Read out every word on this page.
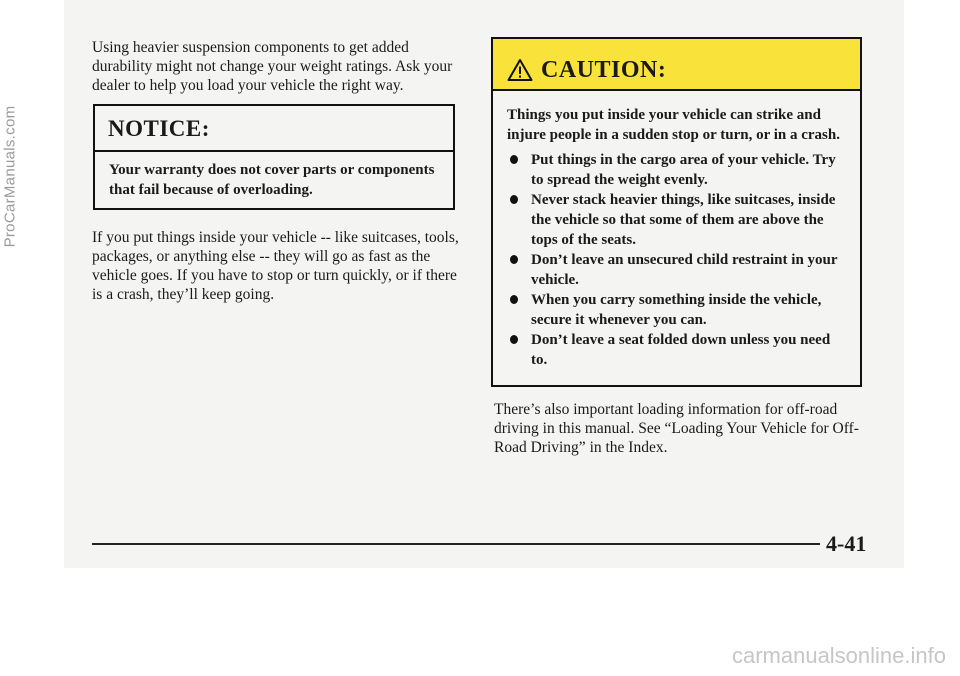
Using heavier suspension components to get added durability might not change your weight ratings. Ask your dealer to help you load your vehicle the right way.

NOTICE:
Your warranty does not cover parts or components that fail because of overloading.

If you put things inside your vehicle -- like suitcases, tools, packages, or anything else -- they will go as fast as the vehicle goes. If you have to stop or turn quickly, or if there is a crash, they’ll keep going.

CAUTION:
Things you put inside your vehicle can strike and injure people in a sudden stop or turn, or in a crash.
Put things in the cargo area of your vehicle. Try to spread the weight evenly.
Never stack heavier things, like suitcases, inside the vehicle so that some of them are above the tops of the seats.
Don’t leave an unsecured child restraint in your vehicle.
When you carry something inside the vehicle, secure it whenever you can.
Don’t leave a seat folded down unless you need to.

There’s also important loading information for off-road driving in this manual. See “Loading Your Vehicle for Off-Road Driving” in the Index.

4-41
ProCarManuals.com
carmanualsonline.info
